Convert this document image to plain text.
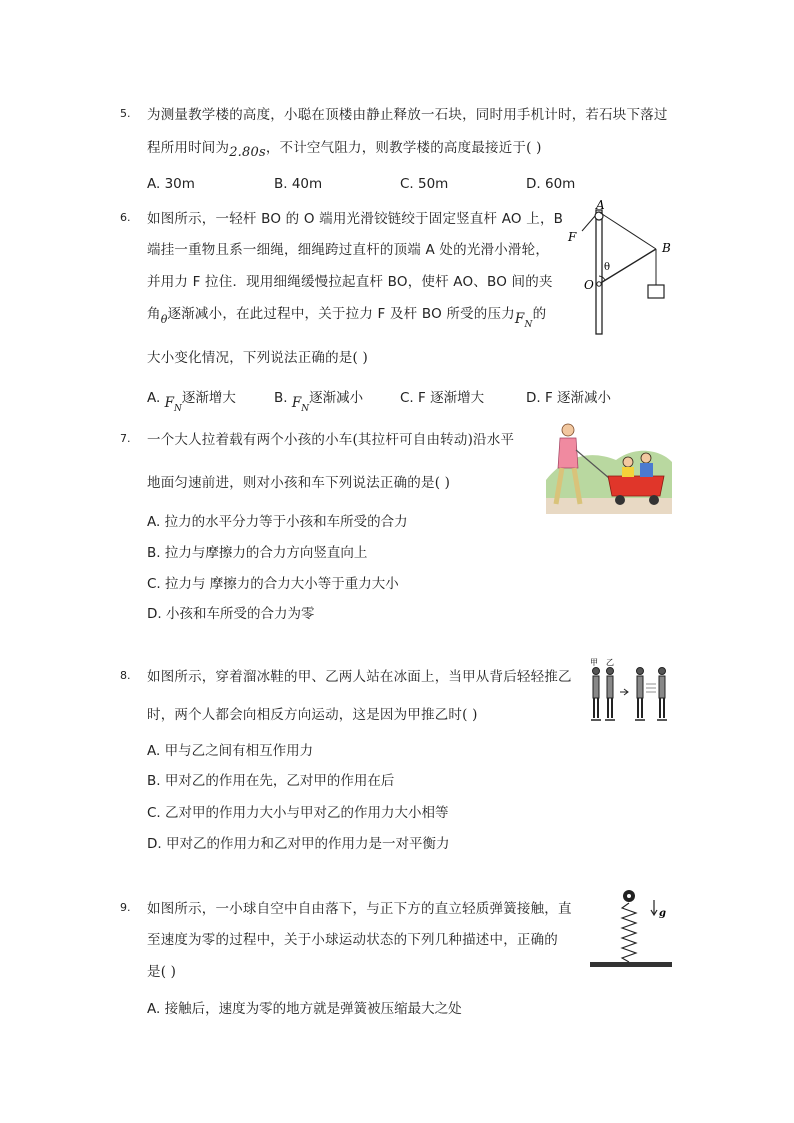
5. 为测量教学楼的高度，小聪在顶楼由静止释放一石块，同时用手机计时，若石块下落过
程所用时间为2.80s，不计空气阻力，则教学楼的高度最接近于( )
A. 30m	B. 40m	C. 50m	D. 60m
6. 如图所示，一轻杆 BO 的 O 端用光滑铰链绞于固定竖直杆 AO 上，B
端挂一重物且系一细绳，细绳跨过直杆的顶端 A 处的光滑小滑轮，
并用力 F 拉住．现用细绳缓慢拉起直杆 BO，使杆 AO、BO 间的夹
角$_\theta$逐渐减小，在此过程中，关于拉力 F 及杆 BO 所受的压力$F_N$的
大小变化情况，下列说法正确的是( )
A. $F_N$逐渐增大	B. $F_N$逐渐减小	C. F 逐渐增大	D. F 逐渐减小
A
F
B
θ
O
7. 一个大人拉着载有两个小孩的小车(其拉杆可自由转动)沿水平
地面匀速前进，则对小孩和车下列说法正确的是( )
A. 拉力的水平分力等于小孩和车所受的合力
B. 拉力与摩擦力的合力方向竖直向上
C. 拉力与 摩擦力的合力大小等于重力大小
D. 小孩和车所受的合力为零
8. 如图所示，穿着溜冰鞋的甲、乙两人站在冰面上，当甲从背后轻轻推乙
时，两个人都会向相反方向运动，这是因为甲推乙时( )
A. 甲与乙之间有相互作用力
B. 甲对乙的作用在先，乙对甲的作用在后
C. 乙对甲的作用力大小与甲对乙的作用力大小相等
D. 甲对乙的作用力和乙对甲的作用力是一对平衡力
甲 乙
9. 如图所示，一小球自空中自由落下，与正下方的直立轻质弹簧接触，直
至速度为零的过程中，关于小球运动状态的下列几种描述中，正确的
是( )
A. 接触后，速度为零的地方就是弹簧被压缩最大之处
g
